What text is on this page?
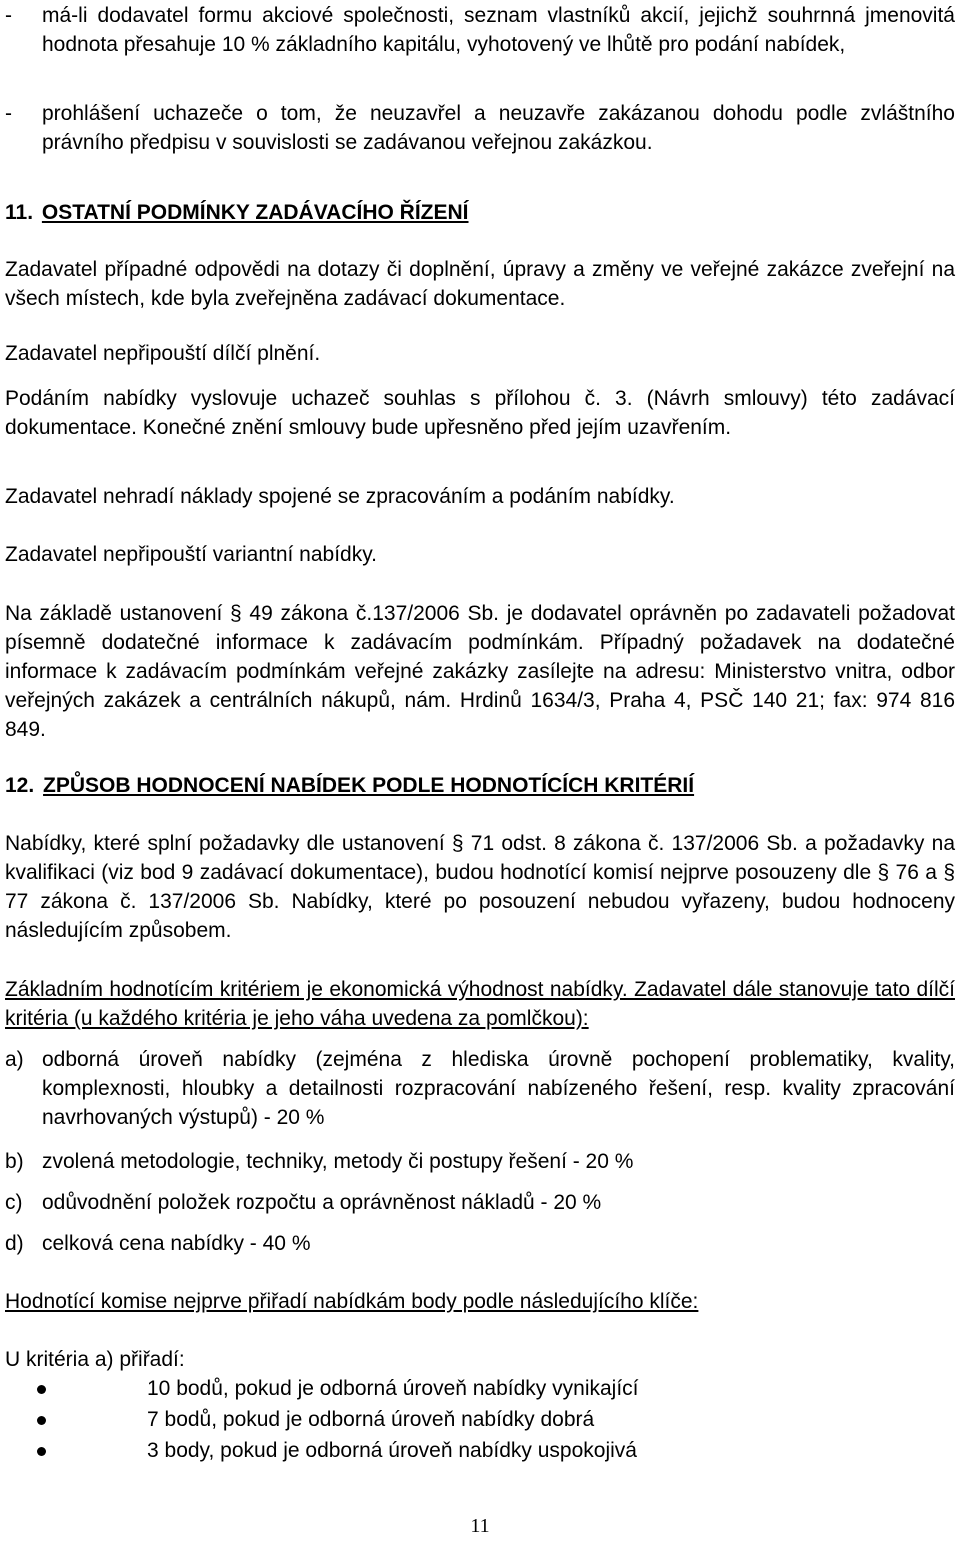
-	má-li dodavatel formu akciové společnosti, seznam vlastníků akcií, jejichž souhrnná jmenovitá hodnota přesahuje 10 % základního kapitálu, vyhotovený ve lhůtě pro podání nabídek,
-	prohlášení uchazeče o tom, že neuzavřel a neuzavře zakázanou dohodu podle zvláštního právního předpisu v souvislosti se zadávanou veřejnou zakázkou.
11. OSTATNÍ PODMÍNKY ZADÁVACÍHO ŘÍZENÍ
Zadavatel případné odpovědi na dotazy či doplnění, úpravy a změny ve veřejné zakázce zveřejní na všech místech, kde byla zveřejněna zadávací dokumentace.
Zadavatel nepřipouští dílčí plnění.
Podáním nabídky vyslovuje uchazeč souhlas s přílohou č. 3. (Návrh smlouvy) této zadávací dokumentace. Konečné znění smlouvy bude upřesněno před jejím uzavřením.
Zadavatel nehradí náklady spojené se zpracováním a podáním nabídky.
Zadavatel nepřipouští variantní nabídky.
Na základě ustanovení § 49 zákona č.137/2006 Sb. je dodavatel oprávněn po zadavateli požadovat písemně dodatečné informace k zadávacím podmínkám. Případný požadavek na dodatečné informace k zadávacím podmínkám veřejné zakázky zasílejte na adresu: Ministerstvo vnitra, odbor veřejných zakázek a centrálních nákupů, nám. Hrdinů 1634/3, Praha 4, PSČ 140 21; fax: 974 816 849.
12. ZPŮSOB HODNOCENÍ NABÍDEK PODLE HODNOTÍCÍCH KRITÉRIÍ
Nabídky, které splní požadavky dle ustanovení § 71 odst. 8 zákona č. 137/2006 Sb. a požadavky na kvalifikaci (viz bod 9 zadávací dokumentace), budou hodnotící komisí nejprve posouzeny dle § 76 a § 77 zákona č. 137/2006 Sb. Nabídky, které po posouzení nebudou vyřazeny, budou hodnoceny následujícím způsobem.
Základním hodnotícím kritériem je ekonomická výhodnost nabídky. Zadavatel dále stanovuje tato dílčí kritéria (u každého kritéria je jeho váha uvedena za pomlčkou):
a) odborná úroveň nabídky (zejména z hlediska úrovně pochopení problematiky, kvality, komplexnosti, hloubky a detailnosti rozpracování nabízeného řešení, resp. kvality zpracování navrhovaných výstupů) - 20 %
b) zvolená metodologie, techniky, metody či postupy řešení - 20 %
c) odůvodnění položek rozpočtu a oprávněnost nákladů - 20 %
d) celková cena nabídky - 40 %
Hodnotící komise nejprve přiřadí nabídkám body podle následujícího klíče:
U kritéria a) přiřadí:
10 bodů, pokud je odborná úroveň nabídky vynikající
7 bodů, pokud je odborná úroveň nabídky dobrá
3 body, pokud je odborná úroveň nabídky uspokojivá
11
